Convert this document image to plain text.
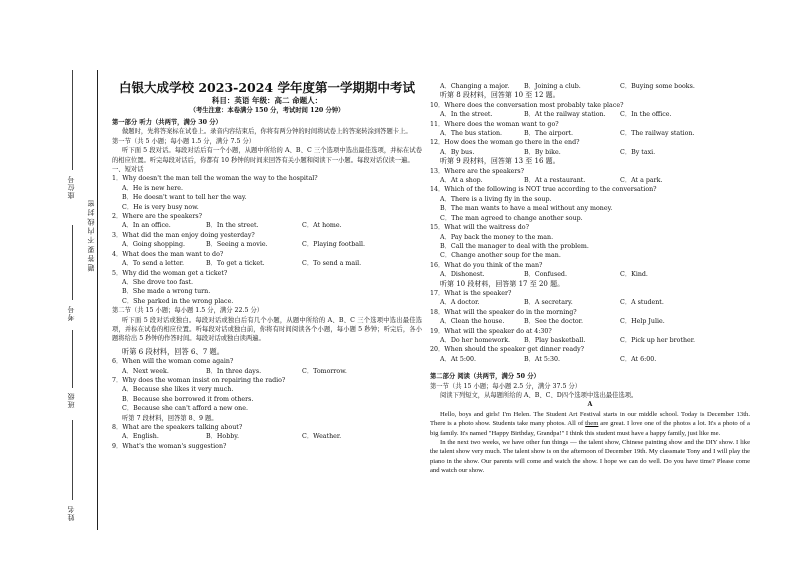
题 答 要 不 内 线 封 密
座位号
考号
班级
姓名
白银大成学校 2023-2024 学年度第一学期期中考试
科目：英语 年级：高二 命题人：
（考生注意：本卷满分 150 分，考试时间 120 分钟）
第一部分 听力（共两节，满分 30 分）

做题时，先将答案标在试卷上。录音内容结束后，你将有两分钟的时间将试卷上的答案转涂到答题卡上。

第一节（共 5 小题；每小题 1.5 分，满分 7.5 分）

听下面 5 段对话。每段对话后有一个小题，从题中所给的 A、B、C 三个选项中选出最佳选项，并标在试卷的相应位置。听完每段对话后，你都有 10 秒钟的时间来回答有关小题和阅读下一小题。每段对话仅读一遍。

一、短对话
1．Why doesn't the man tell the woman the way to the hospital?
A．He is new here.
B．He doesn't want to tell her the way.
C．He is very busy now.
2．Where are the speakers?
A．In an office.	B．In the street.	C．At home.
3．What did the man enjoy doing yesterday?
A．Going shopping.	B．Seeing a movie.	C．Playing football.
4．What does the man want to do?
A．To send a letter.	B．To get a ticket.	C．To send a mail.
5．Why did the woman get a ticket?
A．She drove too fast.
B．She made a wrong turn.
C．She parked in the wrong place.
第二节（共 15 小题；每小题 1.5 分，满分 22.5 分）

听下面 5 段对话或独白。每段对话或独白后有几个小题，从题中所给的 A、B、C 三个选项中选出最佳选项，并标在试卷的相应位置。听每段对话或独白前，你将有时间阅读各个小题，每小题 5 秒钟；听完后，各小题将给出 5 秒钟的作答时间。每段对话或独白读两遍。

听第 6 段材料，回答 6、7 题。
6．When will the woman come again?
A．Next week.	B．In three days.	C．Tomorrow.
7．Why does the woman insist on repairing the radio?
A．Because she likes it very much.
B．Because she borrowed it from others.
C．Because she can't afford a new one.
听第 7 段材料，回答第 8、9 题。
8．What are the speakers talking about?
A．English.	B．Hobby.	C．Weather.
9．What's the woman's suggestion?
A．Changing a major.	B．Joining a club.	C．Buying some books.
听第 8 段材料，回答第 10 至 12 题。
10．Where does the conversation most probably take place?
A．In the street.	B．At the railway station.	C．In the office.
11．Where does the woman want to go?
A．The bus station.	B．The airport.	C．The railway station.
12．How does the woman go there in the end?
A．By bus.	B．By bike.	C．By taxi.
听第 9 段材料，回答第 13 至 16 题。
13．Where are the speakers?
A．At a shop.	B．At a restaurant.	C．At a park.
14．Which of the following is NOT true according to the conversation?
A．There is a living fly in the soup.
B．The man wants to have a meal without any money.
C．The man agreed to change another soup.
15．What will the waitress do?
A．Pay back the money to the man.
B．Call the manager to deal with the problem.
C．Change another soup for the man.
16．What do you think of the man?
A．Dishonest.	B．Confused.	C．Kind.
听第 10 段材料，回答第 17 至 20 题。
17．What is the speaker?
A．A doctor.	B．A secretary.	C．A student.
18．What will the speaker do in the morning?
A．Clean the house.	B．See the doctor.	C．Help Julie.
19．What will the speaker do at 4:30?
A．Do her homework.	B．Play basketball.	C．Pick up her brother.
20．When should the speaker get dinner ready?
A．At 5:00.	B．At 5:30.	C．At 6:00.
第二部分 阅读（共两节，满分 50 分）
第一节（共 15 小题；每小题 2.5 分，满分 37.5 分）
阅读下列短文，从每题所给的 A、B、C、D四个选项中选出最佳选项。
A

Hello, boys and girls! I'm Helen. The Student Art Festival starts in our middle school. Today is December 13th. There is a photo show. Students take many photos. All of them are great. I love one of the photos a lot. It's a photo of a big family. It's named "Happy Birthday, Grandpa!" I think this student must have a happy family, just like me.

In the next two weeks, we have other fun things — the talent show, Chinese painting show and the DIY show. I like the talent show very much. The talent show is on the afternoon of December 19th. My classmate Tony and I will play the piano in the show. Our parents will come and watch the show. I hope we can do well. Do you have time? Please come and watch our show.
